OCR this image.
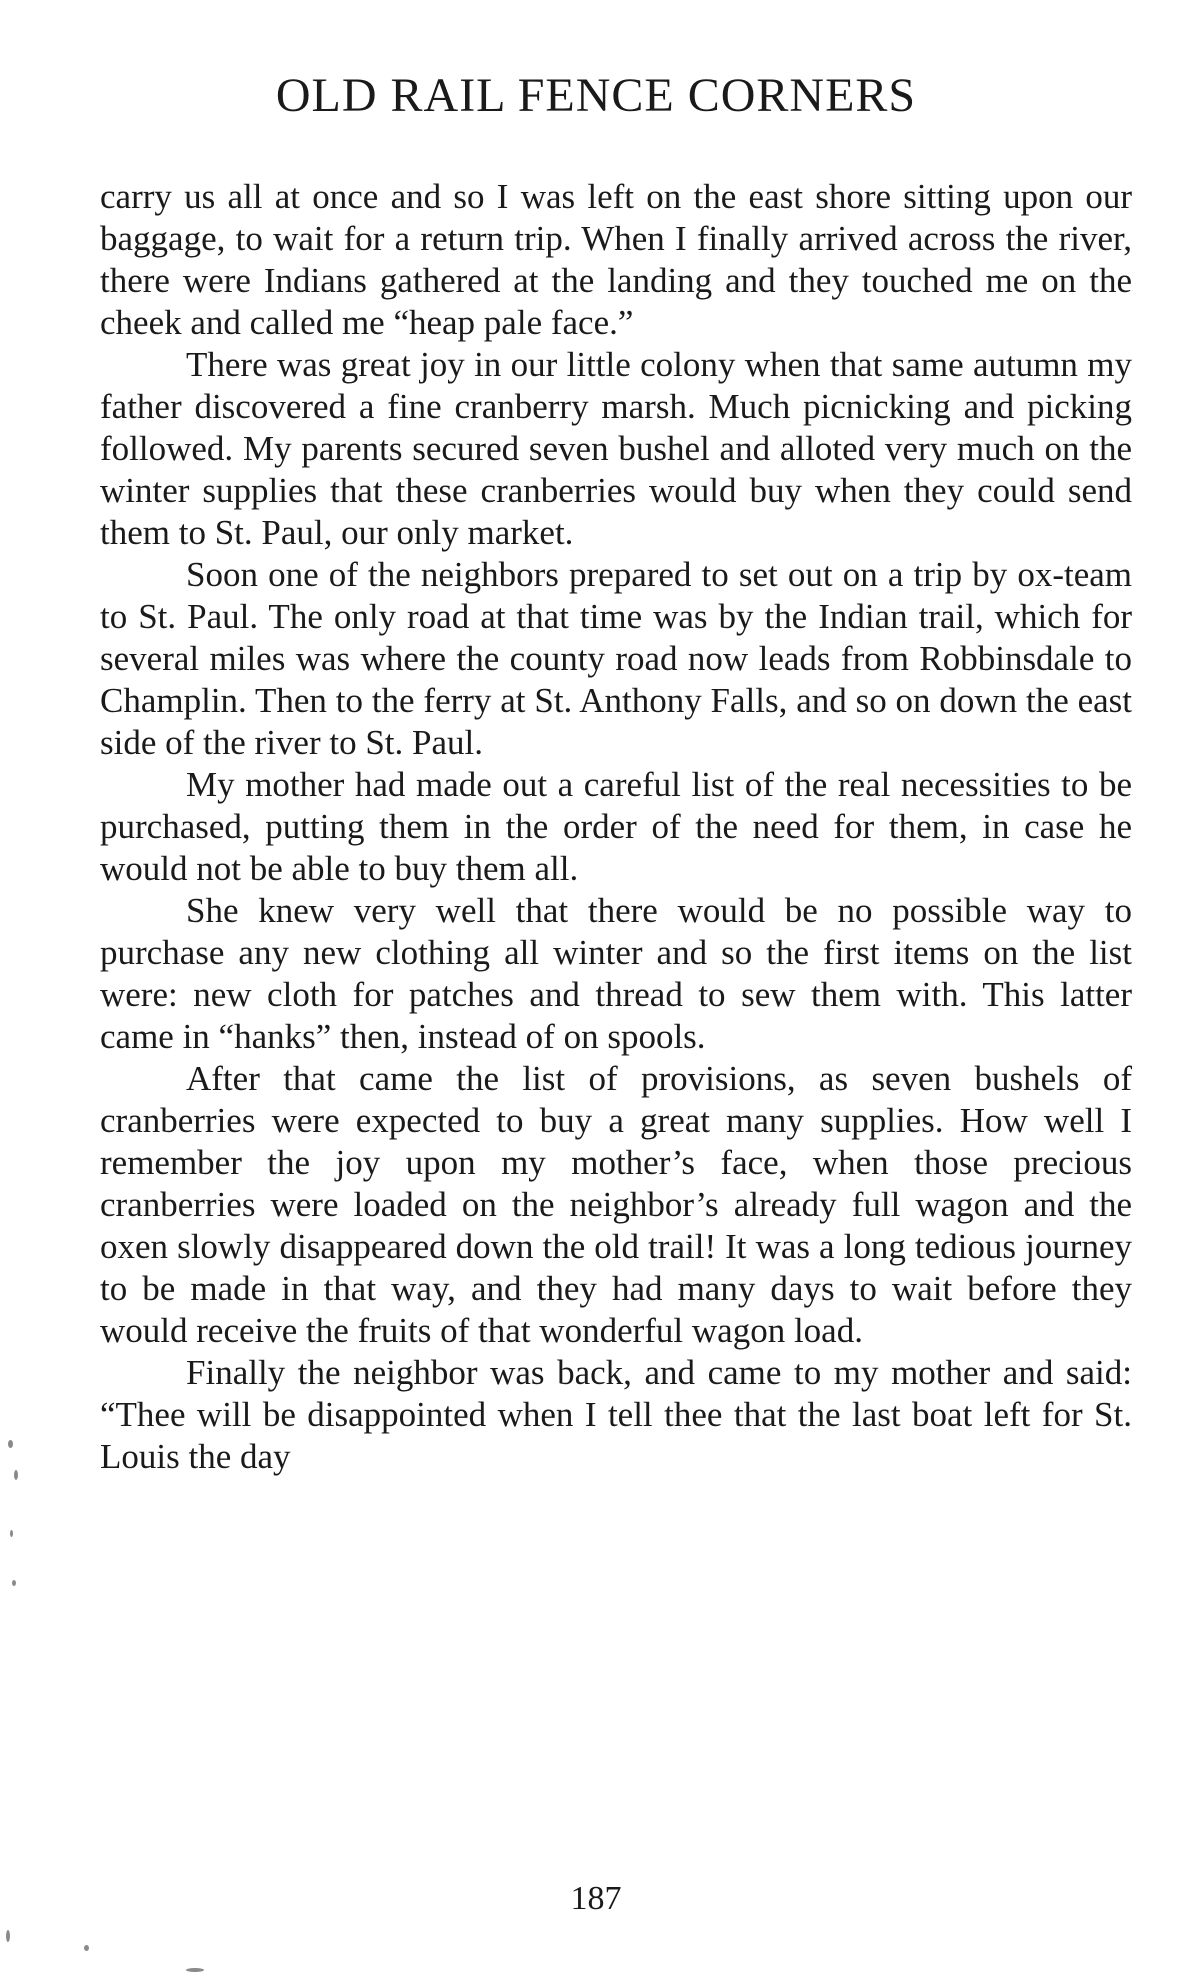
OLD RAIL FENCE CORNERS

carry us all at once and so I was left on the east shore sitting upon our baggage, to wait for a return trip. When I finally arrived across the river, there were Indians gathered at the landing and they touched me on the cheek and called me “heap pale face.”

There was great joy in our little colony when that same autumn my father discovered a fine cranberry marsh. Much picnicking and picking followed. My parents secured seven bushel and alloted very much on the winter supplies that these cranberries would buy when they could send them to St. Paul, our only market.

Soon one of the neighbors prepared to set out on a trip by ox-team to St. Paul. The only road at that time was by the Indian trail, which for several miles was where the county road now leads from Robbinsdale to Champlin. Then to the ferry at St. Anthony Falls, and so on down the east side of the river to St. Paul.

My mother had made out a careful list of the real necessities to be purchased, putting them in the order of the need for them, in case he would not be able to buy them all.

She knew very well that there would be no possible way to purchase any new clothing all winter and so the first items on the list were: new cloth for patches and thread to sew them with. This latter came in “hanks” then, instead of on spools.

After that came the list of provisions, as seven bushels of cranberries were expected to buy a great many supplies. How well I remember the joy upon my mother’s face, when those precious cranberries were loaded on the neighbor’s already full wagon and the oxen slowly disappeared down the old trail! It was a long tedious journey to be made in that way, and they had many days to wait before they would receive the fruits of that wonderful wagon load.

Finally the neighbor was back, and came to my mother and said: “Thee will be disappointed when I tell thee that the last boat left for St. Louis the day

187
